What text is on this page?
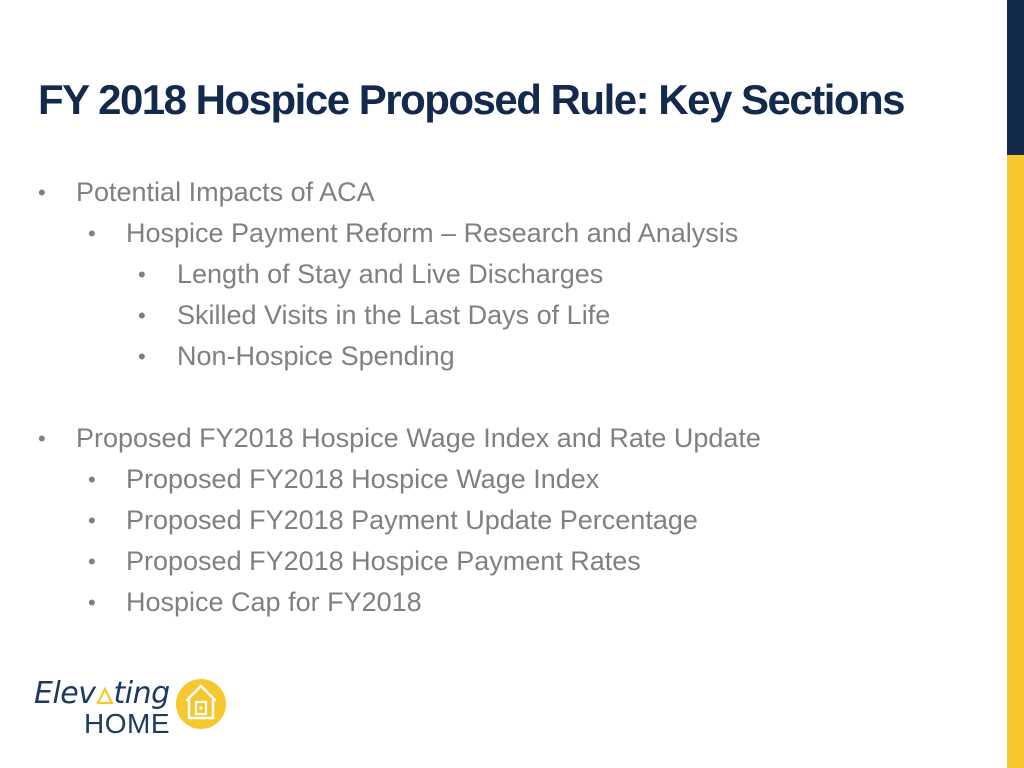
FY 2018 Hospice Proposed Rule: Key Sections
• Potential Impacts of ACA
• Hospice Payment Reform – Research and Analysis
• Length of Stay and Live Discharges
• Skilled Visits in the Last Days of Life
• Non-Hospice Spending
• Proposed FY2018 Hospice Wage Index and Rate Update
• Proposed FY2018 Hospice Wage Index
• Proposed FY2018 Payment Update Percentage
• Proposed FY2018 Hospice Payment Rates
• Hospice Cap for FY2018
Elev ting
HOME
